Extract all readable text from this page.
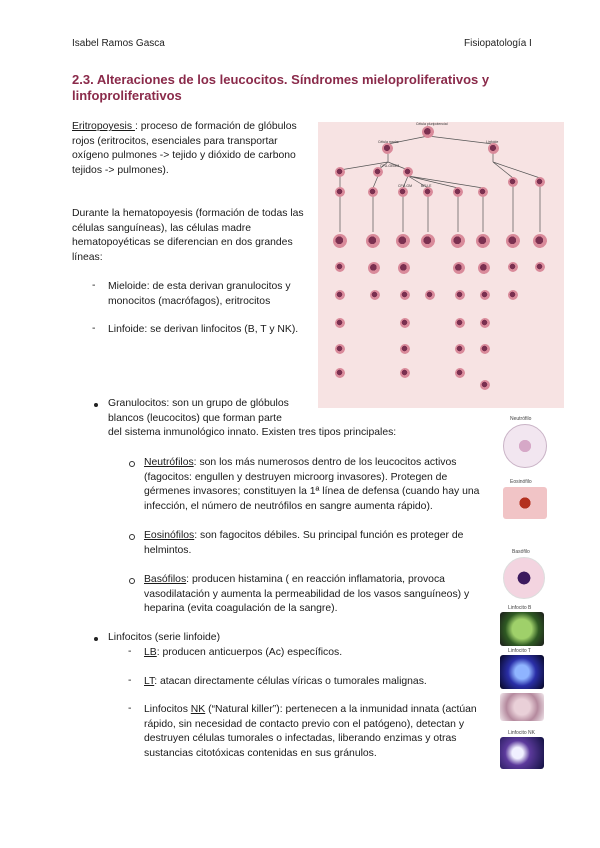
Isabel Ramos Gasca	Fisiopatología I
2.3. Alteraciones de los leucocitos. Síndromes mieloproliferativos y linfoproliferativos
Eritropoyesis : proceso de formación de glóbulos rojos (eritrocitos, esenciales para transportar oxígeno pulmones -> tejido y dióxido de carbono tejidos -> pulmones).
Durante la hematopoyesis (formación de todas las células sanguíneas), las células madre hematopoyéticas se diferencian en dos grandes líneas:
- Mieloide: de esta derivan granulocitos y monocitos (macrófagos), eritrocitos
- Linfoide: se derivan linfocitos (B, T y NK).
Célula pluripotencial
Célula madre
CFU-GEMM
CFU-GM	BFU-E
Linfoide
Granulocitos: son un grupo de glóbulos blancos (leucocitos) que forman parte
del sistema inmunológico innato. Existen tres tipos principales:
Neutrófilos: son los más numerosos dentro de los leucocitos activos (fagocitos: engullen y destruyen microorg invasores). Protegen de gérmenes invasores; constituyen la 1ª línea de defensa (cuando hay una infección, el número de neutrófilos en sangre aumenta rápido).
Eosinófilos: son fagocitos débiles. Su principal función es proteger de helmintos.
Basófilos: producen histamina ( en reacción inflamatoria, provoca vasodilatación y aumenta la permeabilidad de los vasos sanguíneos) y heparina (evita coagulación de la sangre).
Linfocitos (serie linfoide)
- LB: producen anticuerpos (Ac) específicos.
- LT: atacan directamente células víricas o tumorales malignas.
- Linfocitos NK (“Natural killer”): pertenecen a la inmunidad innata (actúan rápido, sin necesidad de contacto previo con el patógeno), detectan y destruyen células tumorales o infectadas, liberando enzimas y otras sustancias citotóxicas contenidas en sus gránulos.
Neutrófilo
Eosinófilo
Basófilo
Linfocito B
Linfocito T
Linfocito NK
